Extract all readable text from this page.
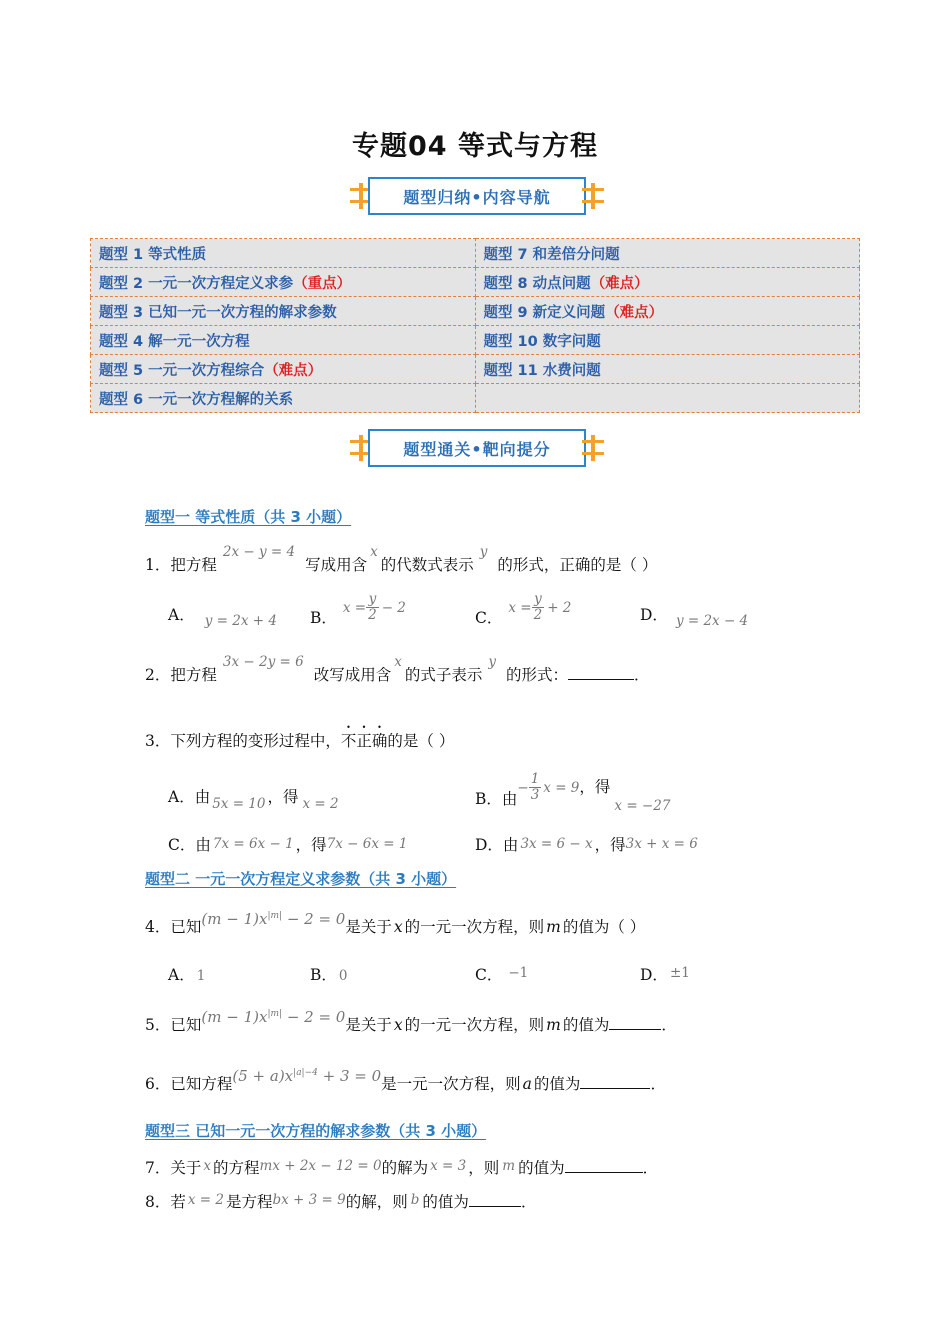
专题04 等式与方程
题型归纳•内容导航
题型 1 等式性质	题型 7 和差倍分问题
题型 2 一元一次方程定义求参（重点）	题型 8 动点问题（难点）
题型 3 已知一元一次方程的解求参数	题型 9 新定义问题（难点）
题型 4 解一元一次方程	题型 10 数字问题
题型 5 一元一次方程综合（难点）	题型 11 水费问题
题型 6 一元一次方程解的关系	
题型通关•靶向提分
题型一 等式性质（共 3 小题）
1．把方程2x − y = 4写成用含x的代数式表示y的形式，正确的是（ ）
A． y = 2x + 4 B．$x = \frac{y}{2} - 2$
C．$x = \frac{y}{2} + 2$	D． y = 2x − 4
2．把方程3x − 2y = 6改写成用含x的式子表示y的形式：	．
3．下列方程的变形过程中，不正确的是（ ）
A．由 5x = 10 ，得 x = 2	B．由− $\frac{1}{3}$ x = 9，得x = −27
C．由 7x = 6x − 1 ，得7x − 6x = 1	D．由 3x = 6 − x ，得3x + x = 6
题型二 一元一次方程定义求参数（共 3 小题）
4．已知$(m - 1)x^{|m|} - 2 = 0$是关于 x 的一元一次方程，则 m 的值为（ ）
A． 1	B． 0	C． −1	D． ±1
5．已知$(m - 1)x^{|m|} - 2 = 0$是关于 x 的一元一次方程，则 m 的值为	．
6．已知方程$(5 + a)x^{|a|-4} + 3 = 0$是一元一次方程，则 a 的值为	．
题型三 已知一元一次方程的解求参数（共 3 小题）
7．关于 x 的方程mx + 2x − 12 = 0的解为 x = 3 ，则 m 的值为	．
8．若 x = 2 是方程bx + 3 = 9的解，则 b 的值为	．
